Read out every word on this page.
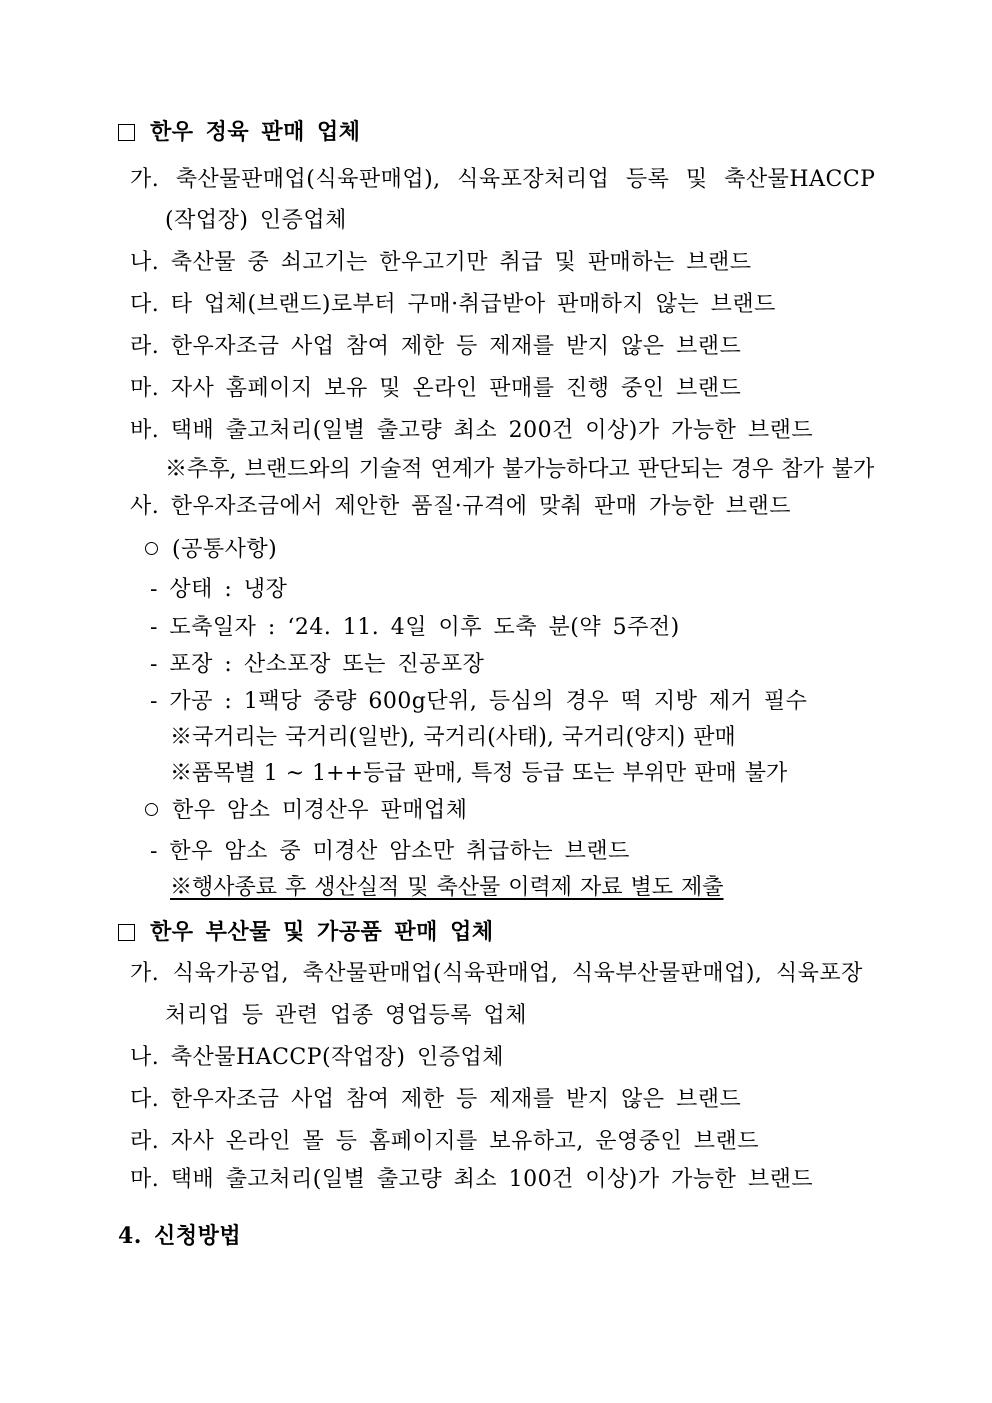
한우 정육 판매 업체
가. 축산물판매업(식육판매업), 식육포장처리업 등록 및 축산물HACCP
(작업장) 인증업체
나. 축산물 중 쇠고기는 한우고기만 취급 및 판매하는 브랜드
다. 타 업체(브랜드)로부터 구매·취급받아 판매하지 않는 브랜드
라. 한우자조금 사업 참여 제한 등 제재를 받지 않은 브랜드
마. 자사 홈페이지 보유 및 온라인 판매를 진행 중인 브랜드
바. 택배 출고처리(일별 출고량 최소 200건 이상)가 가능한 브랜드
※추후, 브랜드와의 기술적 연계가 불가능하다고 판단되는 경우 참가 불가
사. 한우자조금에서 제안한 품질·규격에 맞춰 판매 가능한 브랜드
(공통사항)
- 상태 : 냉장
- 도축일자 : ‘24. 11. 4일 이후 도축 분(약 5주전)
- 포장 : 산소포장 또는 진공포장
- 가공 : 1팩당 중량 600g단위, 등심의 경우 떡 지방 제거 필수
※국거리는 국거리(일반), 국거리(사태), 국거리(양지) 판매
※품목별 1 ~ 1++등급 판매, 특정 등급 또는 부위만 판매 불가
한우 암소 미경산우 판매업체
- 한우 암소 중 미경산 암소만 취급하는 브랜드
※행사종료 후 생산실적 및 축산물 이력제 자료 별도 제출
한우 부산물 및 가공품 판매 업체
가. 식육가공업, 축산물판매업(식육판매업, 식육부산물판매업), 식육포장
처리업 등 관련 업종 영업등록 업체
나. 축산물HACCP(작업장) 인증업체
다. 한우자조금 사업 참여 제한 등 제재를 받지 않은 브랜드
라. 자사 온라인 몰 등 홈페이지를 보유하고, 운영중인 브랜드
마. 택배 출고처리(일별 출고량 최소 100건 이상)가 가능한 브랜드
4. 신청방법
